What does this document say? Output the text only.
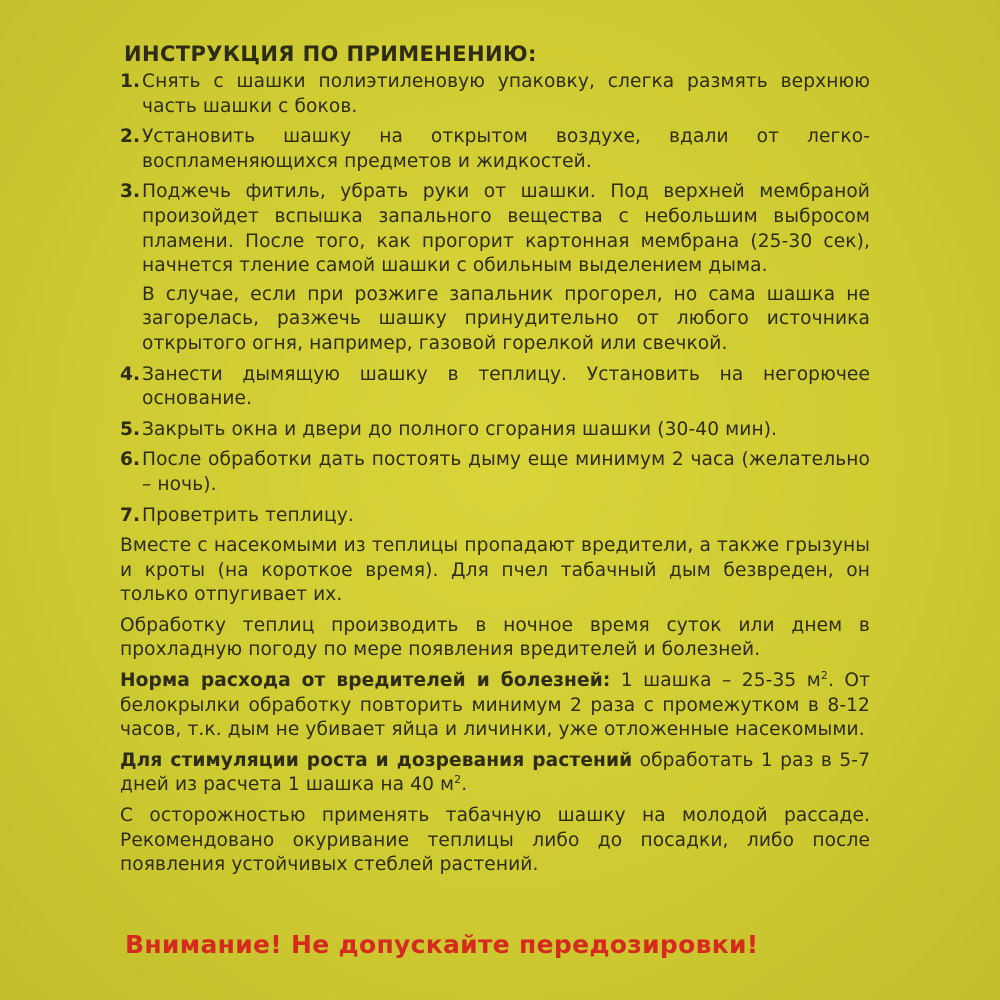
ИНСТРУКЦИЯ ПО ПРИМЕНЕНИЮ:
1. Снять с шашки полиэтиленовую упаковку, слегка размять верхнюю часть шашки с боков.
2. Установить шашку на открытом воздухе, вдали от легко-воспламеняющихся предметов и жидкостей.
3. Поджечь фитиль, убрать руки от шашки. Под верхней мембраной произойдет вспышка запального вещества с небольшим выбросом пламени. После того, как прогорит картонная мембрана (25-30 сек), начнется тление самой шашки с обильным выделением дыма.
В случае, если при розжиге запальник прогорел, но сама шашка не загорелась, разжечь шашку принудительно от любого источника открытого огня, например, газовой горелкой или свечкой.
4. Занести дымящую шашку в теплицу. Установить на негорючее основание.
5. Закрыть окна и двери до полного сгорания шашки (30-40 мин).
6. После обработки дать постоять дыму еще минимум 2 часа (желательно – ночь).
7. Проветрить теплицу.
Вместе с насекомыми из теплицы пропадают вредители, а также грызуны и кроты (на короткое время). Для пчел табачный дым безвреден, он только отпугивает их.
Обработку теплиц производить в ночное время суток или днем в прохладную погоду по мере появления вредителей и болезней.
Норма расхода от вредителей и болезней: 1 шашка – 25-35 $м^2$. От белокрылки обработку повторить минимум 2 раза с промежутком в 8-12 часов, т.к. дым не убивает яйца и личинки, уже отложенные насекомыми.
Для стимуляции роста и дозревания растений обработать 1 раз в 5-7 дней из расчета 1 шашка на 40 $м^2$.
С осторожностью применять табачную шашку на молодой рассаде. Рекомендовано окуривание теплицы либо до посадки, либо после появления устойчивых стеблей растений.
Внимание! Не допускайте передозировки!
